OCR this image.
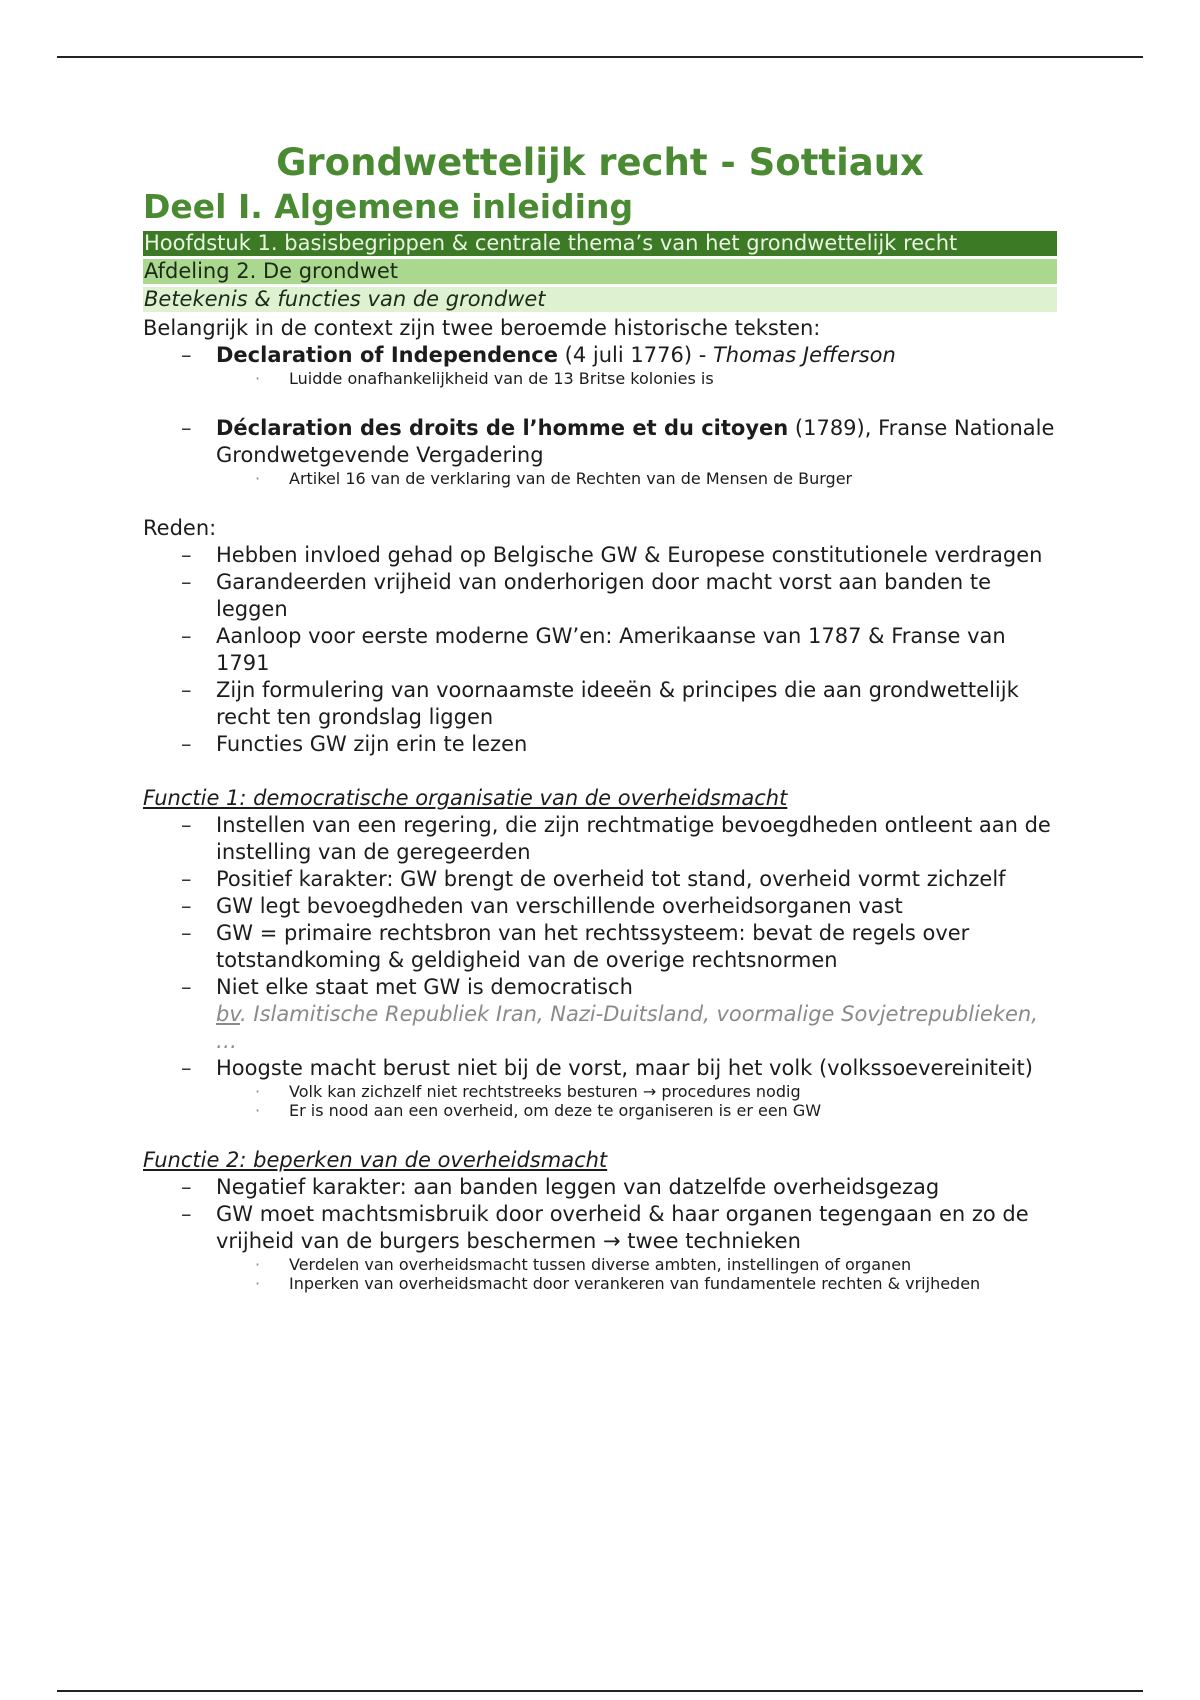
Grondwettelijk recht - Sottiaux
Deel I. Algemene inleiding
Hoofdstuk 1. basisbegrippen & centrale thema’s van het grondwettelijk recht
Afdeling 2. De grondwet
Betekenis & functies van de grondwet

Belangrijk in de context zijn twee beroemde historische teksten:

– Declaration of Independence (4 juli 1776) - Thomas Jefferson
· Luidde onafhankelijkheid van de 13 Britse kolonies is
– Déclaration des droits de l’homme et du citoyen (1789), Franse Nationale Grondwetgevende Vergadering
· Artikel 16 van de verklaring van de Rechten van de Mensen de Burger

Reden:

– Hebben invloed gehad op Belgische GW & Europese constitutionele verdragen
– Garandeerden vrijheid van onderhorigen door macht vorst aan banden te leggen
– Aanloop voor eerste moderne GW’en: Amerikaanse van 1787 & Franse van 1791
– Zijn formulering van voornaamste ideeën & principes die aan grondwettelijk recht ten grondslag liggen
– Functies GW zijn erin te lezen

Functie 1: democratische organisatie van de overheidsmacht

– Instellen van een regering, die zijn rechtmatige bevoegdheden ontleent aan de instelling van de geregeerden
– Positief karakter: GW brengt de overheid tot stand, overheid vormt zichzelf
– GW legt bevoegdheden van verschillende overheidsorganen vast
– GW = primaire rechtsbron van het rechtssysteem: bevat de regels over totstandkoming & geldigheid van de overige rechtsnormen
– Niet elke staat met GW is democratisch

bv. Islamitische Republiek Iran, Nazi-Duitsland, voormalige Sovjetrepublieken, …

– Hoogste macht berust niet bij de vorst, maar bij het volk (volkssoevereiniteit)
· Volk kan zichzelf niet rechtstreeks besturen → procedures nodig
· Er is nood aan een overheid, om deze te organiseren is er een GW

Functie 2: beperken van de overheidsmacht

– Negatief karakter: aan banden leggen van datzelfde overheidsgezag
– GW moet machtsmisbruik door overheid & haar organen tegengaan en zo de vrijheid van de burgers beschermen → twee technieken
· Verdelen van overheidsmacht tussen diverse ambten, instellingen of organen
· Inperken van overheidsmacht door verankeren van fundamentele rechten & vrijheden
